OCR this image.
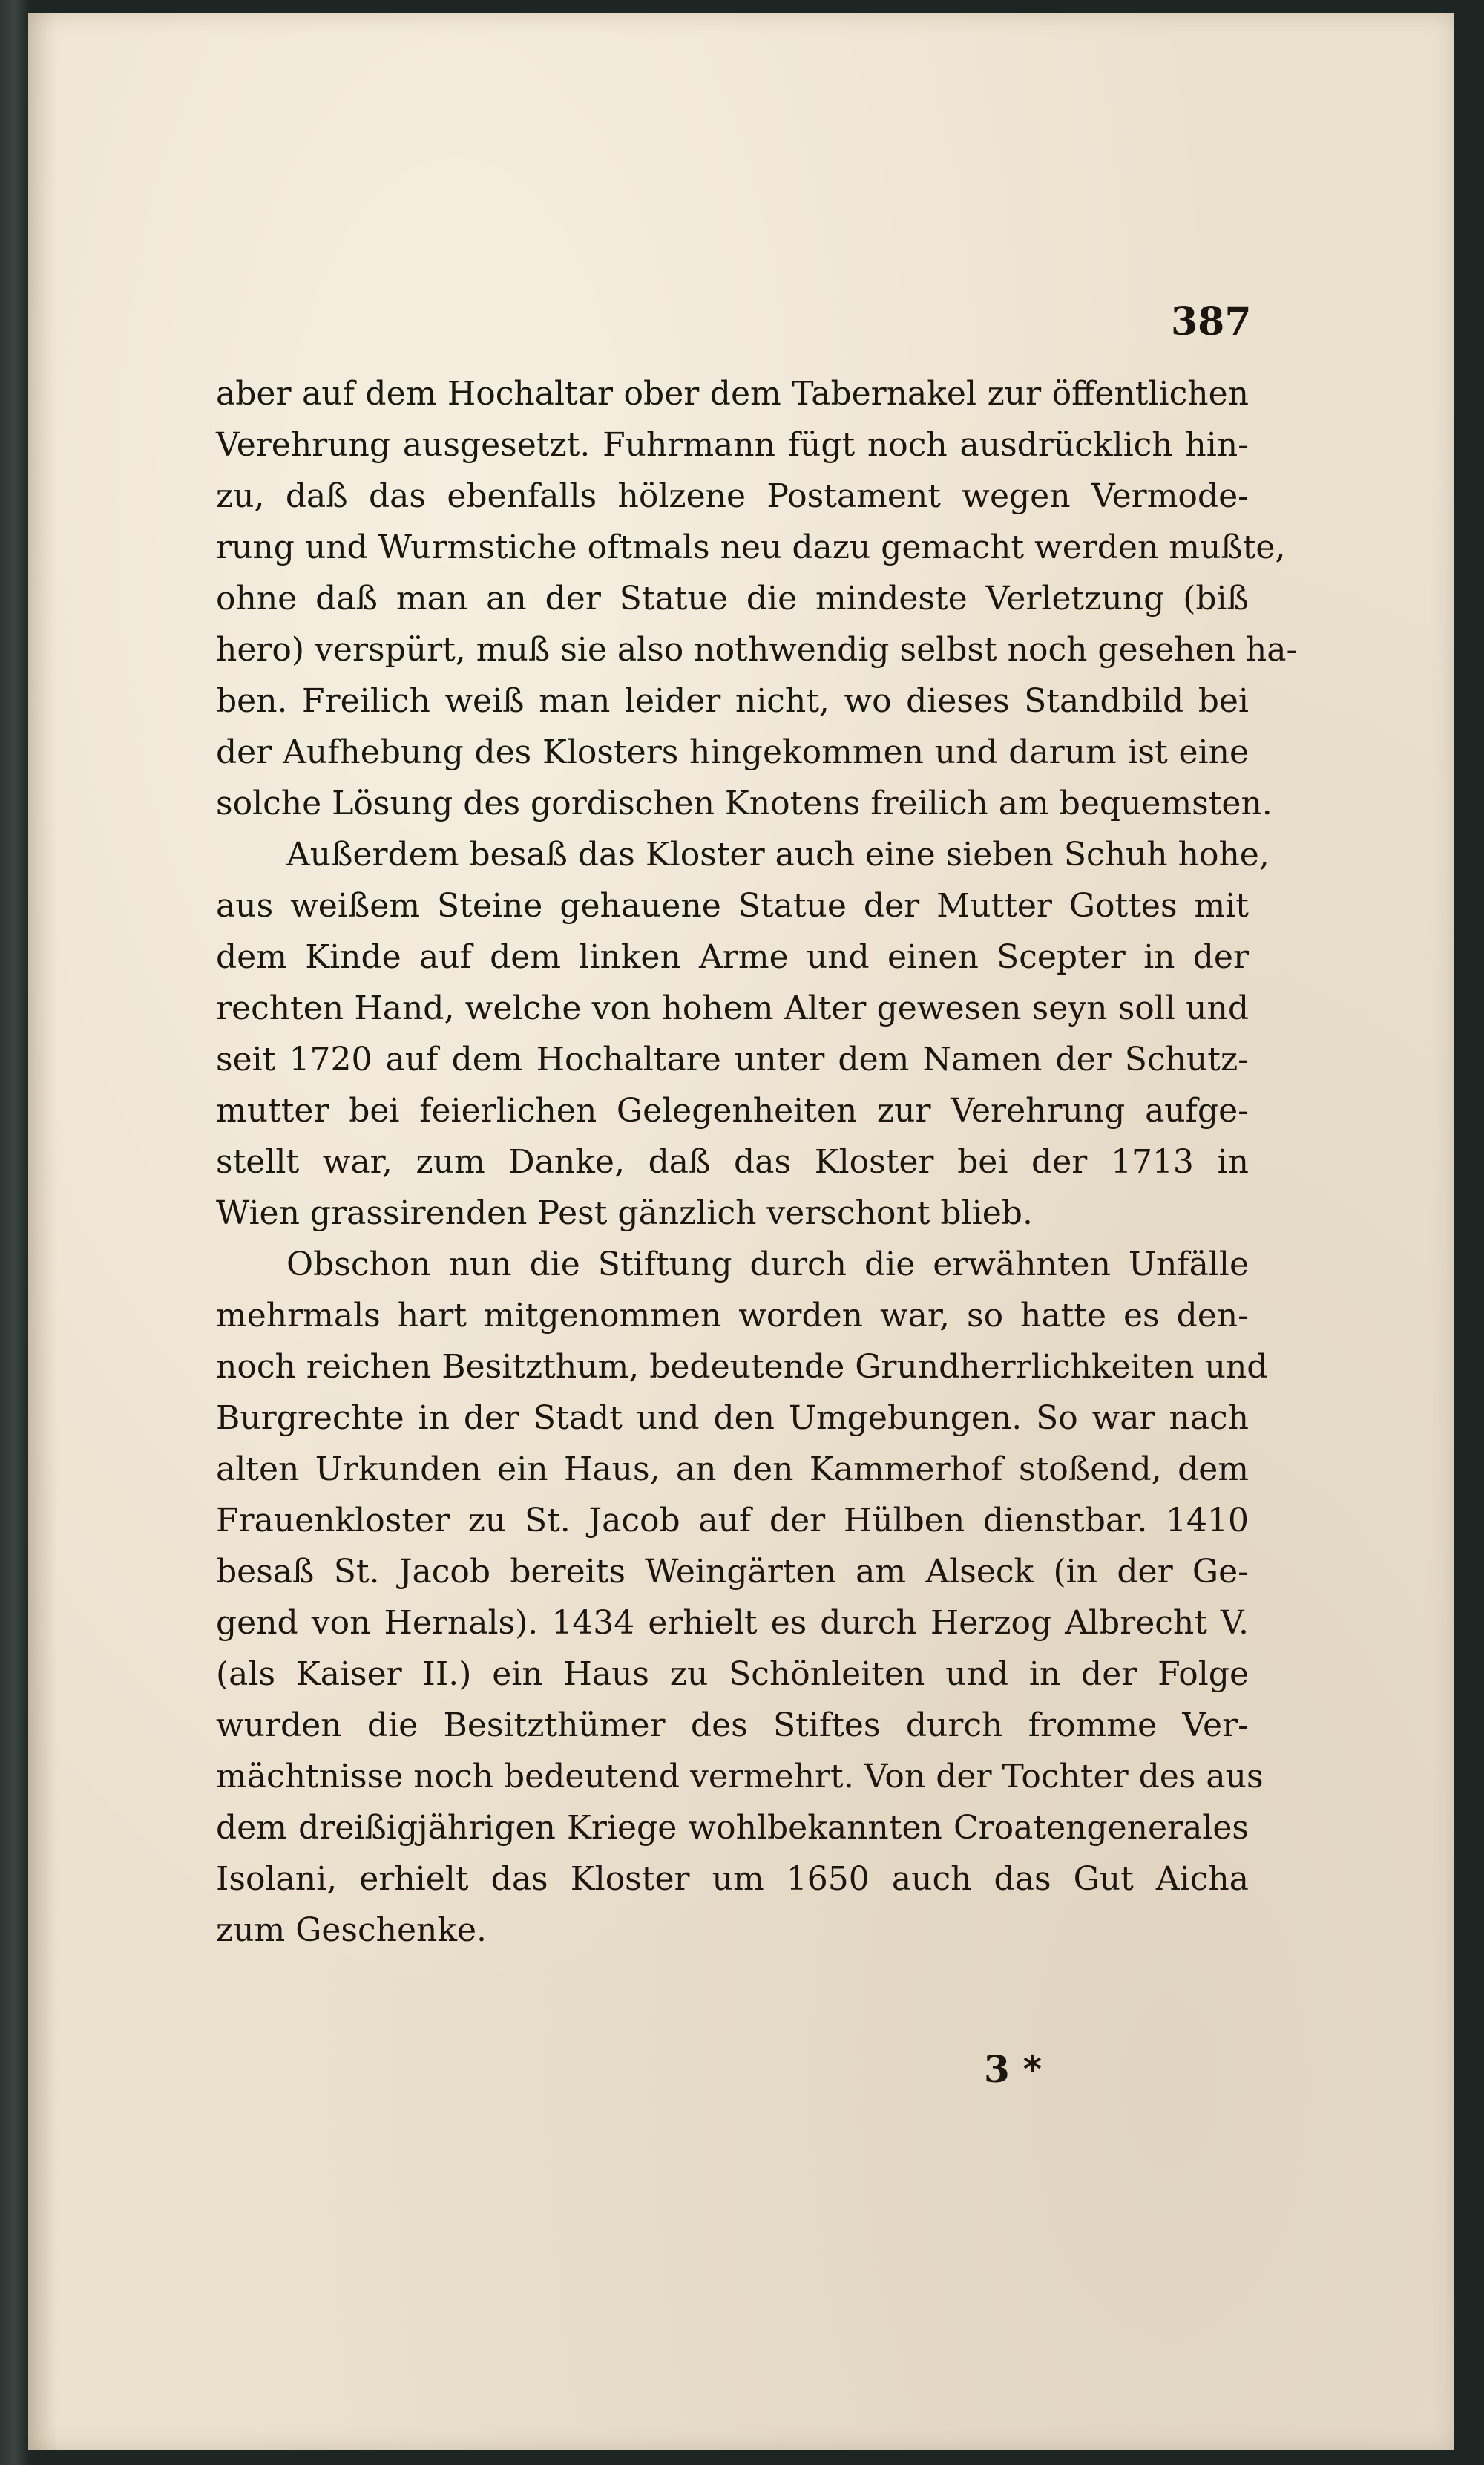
387
aber auf dem Hochaltar ober dem Tabernakel zur öffentlichen
Verehrung ausgesetzt. Fuhrmann fügt noch ausdrücklich hin-
zu, daß das ebenfalls hölzene Postament wegen Vermode-
rung und Wurmstiche oftmals neu dazu gemacht werden mußte,
ohne daß man an der Statue die mindeste Verletzung (biß
hero) verspürt, muß sie also nothwendig selbst noch gesehen ha-
ben. Freilich weiß man leider nicht, wo dieses Standbild bei
der Aufhebung des Klosters hingekommen und darum ist eine
solche Lösung des gordischen Knotens freilich am bequemsten.
Außerdem besaß das Kloster auch eine sieben Schuh hohe,
aus weißem Steine gehauene Statue der Mutter Gottes mit
dem Kinde auf dem linken Arme und einen Scepter in der
rechten Hand, welche von hohem Alter gewesen seyn soll und
seit 1720 auf dem Hochaltare unter dem Namen der Schutz-
mutter bei feierlichen Gelegenheiten zur Verehrung aufge-
stellt war, zum Danke, daß das Kloster bei der 1713 in
Wien grassirenden Pest gänzlich verschont blieb.
Obschon nun die Stiftung durch die erwähnten Unfälle
mehrmals hart mitgenommen worden war, so hatte es den-
noch reichen Besitzthum, bedeutende Grundherrlichkeiten und
Burgrechte in der Stadt und den Umgebungen. So war nach
alten Urkunden ein Haus, an den Kammerhof stoßend, dem
Frauenkloster zu St. Jacob auf der Hülben dienstbar. 1410
besaß St. Jacob bereits Weingärten am Alseck (in der Ge-
gend von Hernals). 1434 erhielt es durch Herzog Albrecht V.
(als Kaiser II.) ein Haus zu Schönleiten und in der Folge
wurden die Besitzthümer des Stiftes durch fromme Ver-
mächtnisse noch bedeutend vermehrt. Von der Tochter des aus
dem dreißigjährigen Kriege wohlbekannten Croatengenerales
Isolani, erhielt das Kloster um 1650 auch das Gut Aicha
zum Geschenke.
3 *
